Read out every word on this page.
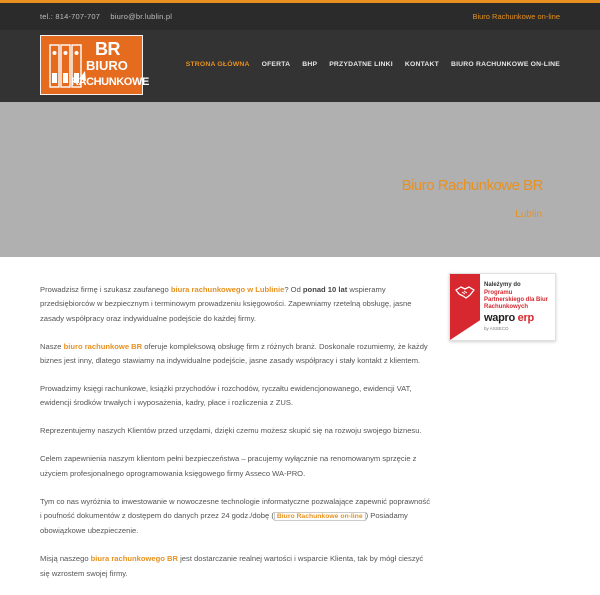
tel.: 814-707-707 biuro@br.lublin.pl	Biuro Rachunkowe on-line
BR
BIURO
RACHUNKOWE
STRONA GŁÓWNA OFERTA BHP PRZYDATNE LINKI KONTAKT BIURO RACHUNKOWE ON-LINE
Biuro Rachunkowe BR
Lublin

Prowadzisz firmę i szukasz zaufanego biura rachunkowego w Lublinie? Od ponad 10 lat wspieramy przedsiębiorców w bezpiecznym i terminowym prowadzeniu księgowości. Zapewniamy rzetelną obsługę, jasne zasady współpracy oraz indywidualne podejście do każdej firmy.

Nasze biuro rachunkowe BR oferuje kompleksową obsługę firm z różnych branż. Doskonale rozumiemy, że każdy biznes jest inny, dlatego stawiamy na indywidualne podejście, jasne zasady współpracy i stały kontakt z klientem.

Prowadzimy księgi rachunkowe, książki przychodów i rozchodów, ryczałtu ewidencjonowanego, ewidencji VAT, ewidencji środków trwałych i wyposażenia, kadry, płace i rozliczenia z ZUS.

Reprezentujemy naszych Klientów przed urzędami, dzięki czemu możesz skupić się na rozwoju swojego biznesu.

Celem zapewnienia naszym klientom pełni bezpieczeństwa – pracujemy wyłącznie na renomowanym sprzęcie z użyciem profesjonalnego oprogramowania księgowego firmy Asseco WA-PRO.

Tym co nas wyróżnia to inwestowanie w nowoczesne technologie informatyczne pozwalające zapewnić poprawność i poufność dokumentów z dostępem do danych przez 24 godz./dobę ( Biuro Rachunkowe on-line ) Posiadamy obowiązkowe ubezpieczenie.

Misją naszego biura rachunkowego BR jest dostarczanie realnej wartości i wsparcie Klienta, tak by mógł cieszyć się wzrostem swojej firmy.

Należymy do
Programu Partnerskiego dla Biur Rachunkowych
wapro erp
by ASSECO
